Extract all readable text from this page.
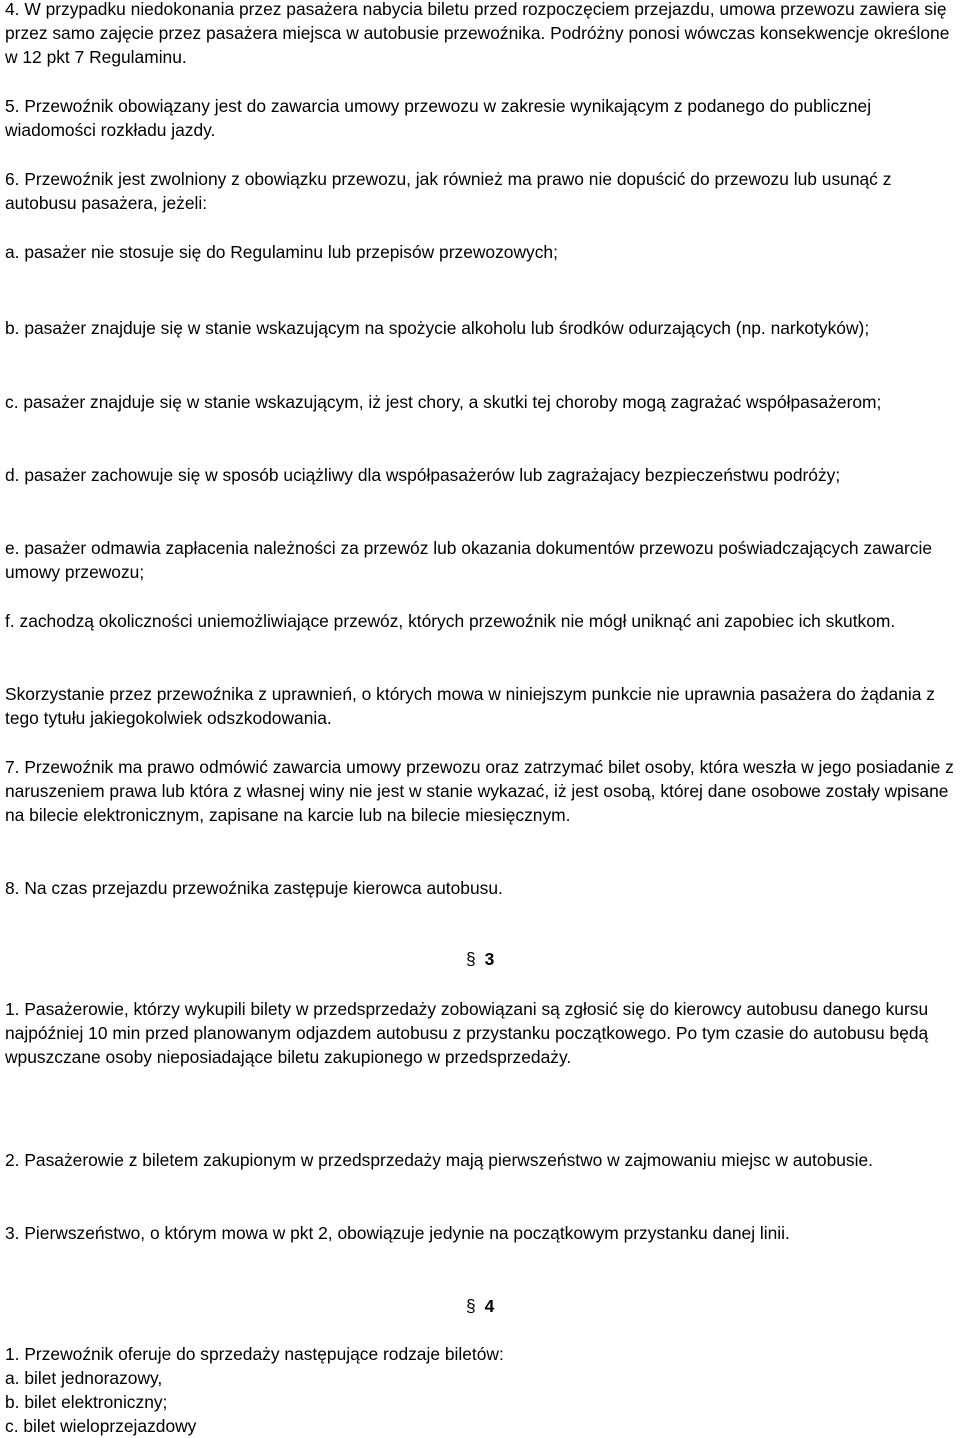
4. W przypadku niedokonania przez pasażera nabycia biletu przed rozpoczęciem przejazdu, umowa przewozu zawiera się przez samo zajęcie przez pasażera miejsca w autobusie przewoźnika. Podróżny ponosi wówczas konsekwencje określone w 12 pkt 7 Regulaminu.

5. Przewoźnik obowiązany jest do zawarcia umowy przewozu w zakresie wynikającym z podanego do publicznej wiadomości rozkładu jazdy.

6. Przewoźnik jest zwolniony z obowiązku przewozu, jak również ma prawo nie dopuścić do przewozu lub usunąć z autobusu pasażera, jeżeli:

a. pasażer nie stosuje się do Regulaminu lub przepisów przewozowych;

b. pasażer znajduje się w stanie wskazującym na spożycie alkoholu lub środków odurzających (np. narkotyków);

c. pasażer znajduje się w stanie wskazującym, iż jest chory, a skutki tej choroby mogą zagrażać współpasażerom;

d. pasażer zachowuje się w sposób uciążliwy dla współpasażerów lub zagrażajacy bezpieczeństwu podróży;

e. pasażer odmawia zapłacenia należności za przewóz lub okazania dokumentów przewozu poświadczających zawarcie umowy przewozu;

f. zachodzą okoliczności uniemożliwiające przewóz, których przewoźnik nie mógł uniknąć ani zapobiec ich skutkom.

Skorzystanie przez przewoźnika z uprawnień, o których mowa w niniejszym punkcie nie uprawnia pasażera do żądania z tego tytułu jakiegokolwiek odszkodowania.

7. Przewoźnik ma prawo odmówić zawarcia umowy przewozu oraz zatrzymać bilet osoby, która weszła w jego posiadanie z naruszeniem prawa lub która z własnej winy nie jest w stanie wykazać, iż jest osobą, której dane osobowe zostały wpisane na bilecie elektronicznym, zapisane na karcie lub na bilecie miesięcznym.

8. Na czas przejazdu przewoźnika zastępuje kierowca autobusu.

§ 3

1. Pasażerowie, którzy wykupili bilety w przedsprzedaży zobowiązani są zgłosić się do kierowcy autobusu danego kursu najpóźniej 10 min przed planowanym odjazdem autobusu z przystanku początkowego. Po tym czasie do autobusu będą wpuszczane osoby nieposiadające biletu zakupionego w przedsprzedaży.

2. Pasażerowie z biletem zakupionym w przedsprzedaży mają pierwszeństwo w zajmowaniu miejsc w autobusie.

3. Pierwszeństwo, o którym mowa w pkt 2, obowiązuje jedynie na początkowym przystanku danej linii.

§ 4

1. Przewoźnik oferuje do sprzedaży następujące rodzaje biletów:

a. bilet jednorazowy,

b. bilet elektroniczny;

c. bilet wieloprzejazdowy
